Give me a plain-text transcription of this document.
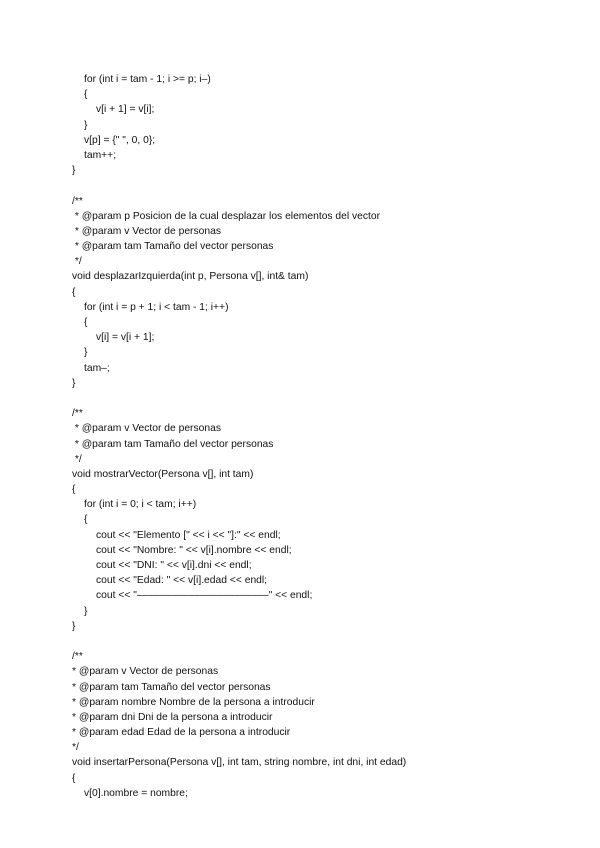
for (int i = tam - 1; i >= p; i–)
{
v[i + 1] = v[i];
}
v[p] = {" ", 0, 0};
tam++;
}
/**
* @param p Posicion de la cual desplazar los elementos del vector
* @param v Vector de personas
* @param tam Tamaño del vector personas
*/
void desplazarIzquierda(int p, Persona v[], int& tam)
{
for (int i = p + 1; i < tam - 1; i++)
{
v[i] = v[i + 1];
}
tam–;
}
/**
* @param v Vector de personas
* @param tam Tamaño del vector personas
*/
void mostrarVector(Persona v[], int tam)
{
for (int i = 0; i < tam; i++)
{
cout << "Elemento [" << i << "]:" << endl;
cout << "Nombre: " << v[i].nombre << endl;
cout << "DNI: " << v[i].dni << endl;
cout << "Edad: " << v[i].edad << endl;
cout << "–––––––––––––––––––––––" << endl;
}
}
/**
* @param v Vector de personas
* @param tam Tamaño del vector personas
* @param nombre Nombre de la persona a introducir
* @param dni Dni de la persona a introducir
* @param edad Edad de la persona a introducir
*/
void insertarPersona(Persona v[], int tam, string nombre, int dni, int edad)
{
v[0].nombre = nombre;
